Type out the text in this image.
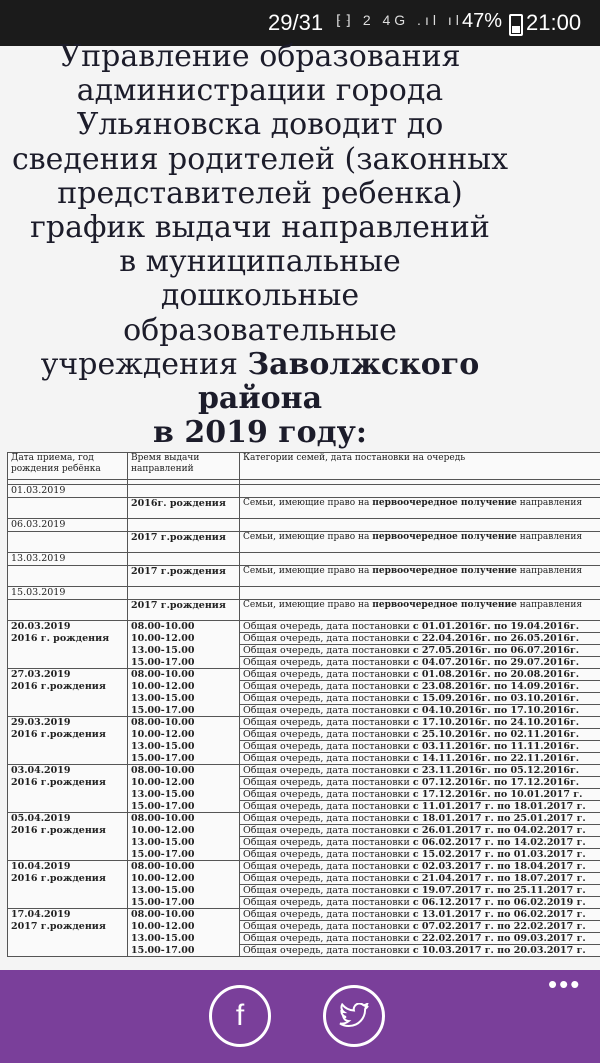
29/31 ⁅⁆ 2 4G .ıl ıl 47% 21:00
Управление образования
администрации города
Ульяновска доводит до
сведения родителей (законных
представителей ребенка)
график выдачи направлений
в муниципальные
дошкольные
образовательные
учреждения Заволжского
района
в 2019 году:
Дата приема, год рождения ребёнка	Время выдачи направлений	Категории семей, дата постановки на очередь

01.03.2019		
	2016г. рождения	Семьи, имеющие право на первоочередное получение направления
06.03.2019		
	2017 г.рождения	Семьи, имеющие право на первоочередное получение направления
13.03.2019		
	2017 г.рождения	Семьи, имеющие право на первоочередное получение направления
15.03.2019		
	2017 г.рождения	Семьи, имеющие право на первоочередное получение направления
20.03.2019	08.00-10.00	Общая очередь, дата постановки с 01.01.2016г. по 19.04.2016г.
2016 г. рождения	10.00-12.00	Общая очередь, дата постановки с 22.04.2016г. по 26.05.2016г.
	13.00-15.00	Общая очередь, дата постановки с 27.05.2016г. по 06.07.2016г.
	15.00-17.00	Общая очередь, дата постановки с 04.07.2016г. по 29.07.2016г.
27.03.2019	08.00-10.00	Общая очередь, дата постановки с 01.08.2016г. по 20.08.2016г.
2016 г.рождения	10.00-12.00	Общая очередь, дата постановки с 23.08.2016г. по 14.09.2016г.
	13.00-15.00	Общая очередь, дата постановки с 15.09.2016г. по 03.10.2016г.
	15.00-17.00	Общая очередь, дата постановки с 04.10.2016г. по 17.10.2016г.
29.03.2019	08.00-10.00	Общая очередь, дата постановки с 17.10.2016г. по 24.10.2016г.
2016 г.рождения	10.00-12.00	Общая очередь, дата постановки с 25.10.2016г. по 02.11.2016г.
	13.00-15.00	Общая очередь, дата постановки с 03.11.2016г. по 11.11.2016г.
	15.00-17.00	Общая очередь, дата постановки с 14.11.2016г. по 22.11.2016г.
03.04.2019	08.00-10.00	Общая очередь, дата постановки с 23.11.2016г. по 05.12.2016г.
2016 г.рождения	10.00-12.00	Общая очередь, дата постановки с 07.12.2016г. по 17.12.2016г.
	13.00-15.00	Общая очередь, дата постановки с 17.12.2016г. по 10.01.2017 г.
	15.00-17.00	Общая очередь, дата постановки с 11.01.2017 г. по 18.01.2017 г.
05.04.2019	08.00-10.00	Общая очередь, дата постановки с 18.01.2017 г. по 25.01.2017 г.
2016 г.рождения	10.00-12.00	Общая очередь, дата постановки с 26.01.2017 г. по 04.02.2017 г.
	13.00-15.00	Общая очередь, дата постановки с 06.02.2017 г. по 14.02.2017 г.
	15.00-17.00	Общая очередь, дата постановки с 15.02.2017 г. по 01.03.2017 г.
10.04.2019	08.00-10.00	Общая очередь, дата постановки с 02.03.2017 г. по 18.04.2017 г.
2016 г.рождения	10.00-12.00	Общая очередь, дата постановки с 21.04.2017 г. по 18.07.2017 г.
	13.00-15.00	Общая очередь, дата постановки с 19.07.2017 г. по 25.11.2017 г.
	15.00-17.00	Общая очередь, дата постановки с 06.12.2017 г. по 06.02.2019 г.
17.04.2019	08.00-10.00	Общая очередь, дата постановки с 13.01.2017 г. по 06.02.2017 г.
2017 г.рождения	10.00-12.00	Общая очередь, дата постановки с 07.02.2017 г. по 22.02.2017 г.
	13.00-15.00	Общая очередь, дата постановки с 22.02.2017 г. по 09.03.2017 г.
	15.00-17.00	Общая очередь, дата постановки с 10.03.2017 г. по 20.03.2017 г.
•••
f
